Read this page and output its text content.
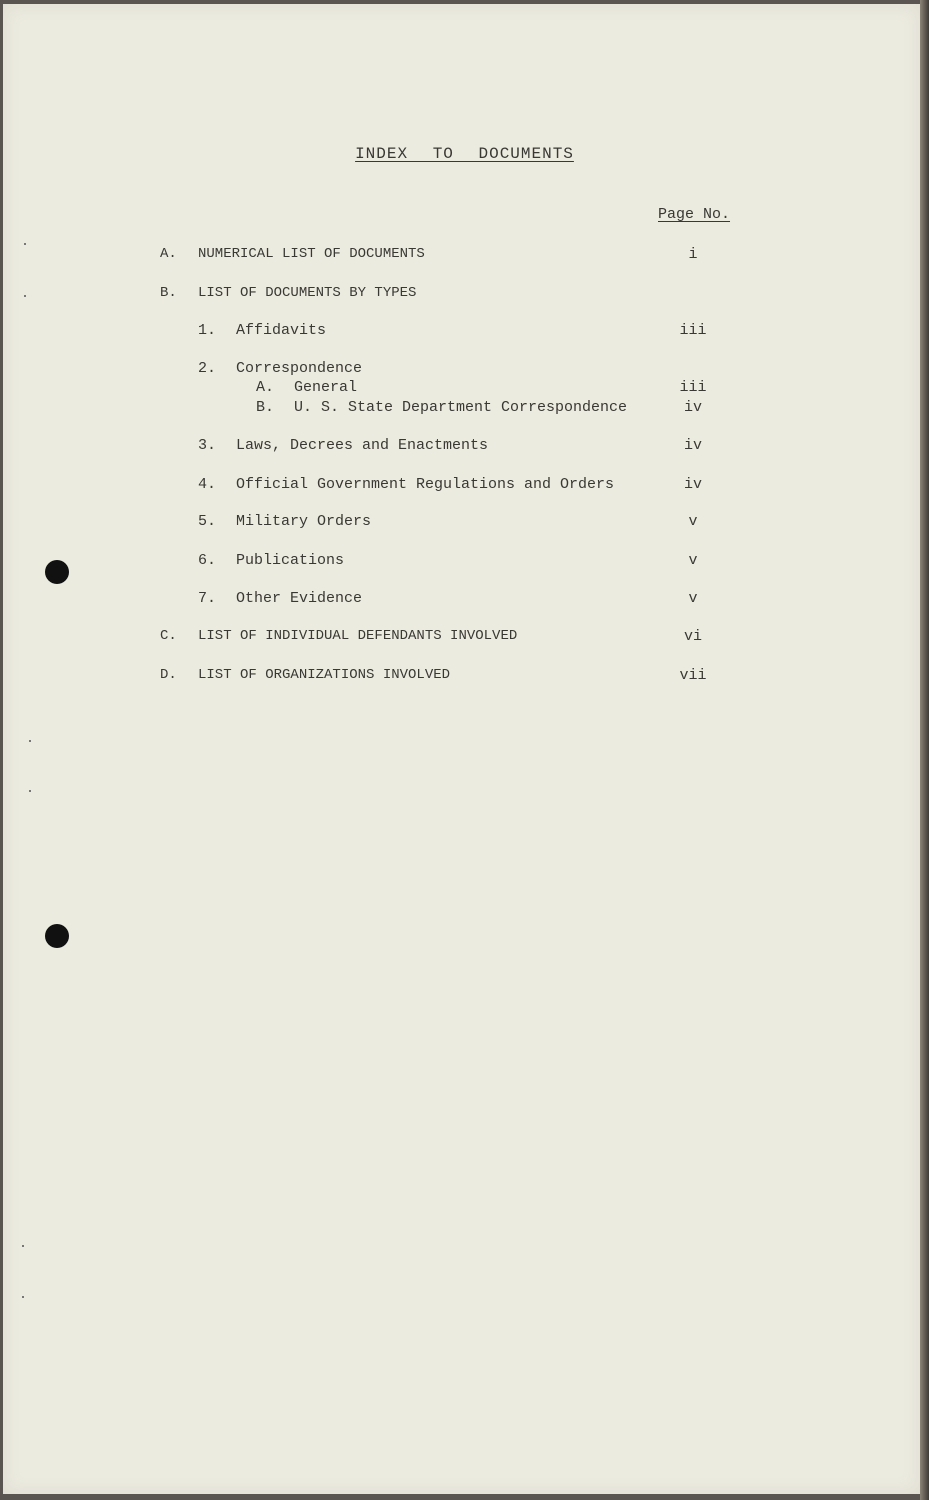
INDEX TO DOCUMENTS
Page No.
A. NUMERICAL LIST OF DOCUMENTS	i
B. LIST OF DOCUMENTS BY TYPES
1. Affidavits	iii
2. Correspondence
A. General	iii
B. U. S. State Department Correspondence	iv
3. Laws, Decrees and Enactments	iv
4. Official Government Regulations and Orders	iv
5. Military Orders	v
6. Publications	v
7. Other Evidence	v
C. LIST OF INDIVIDUAL DEFENDANTS INVOLVED	vi
D. LIST OF ORGANIZATIONS INVOLVED	vii
